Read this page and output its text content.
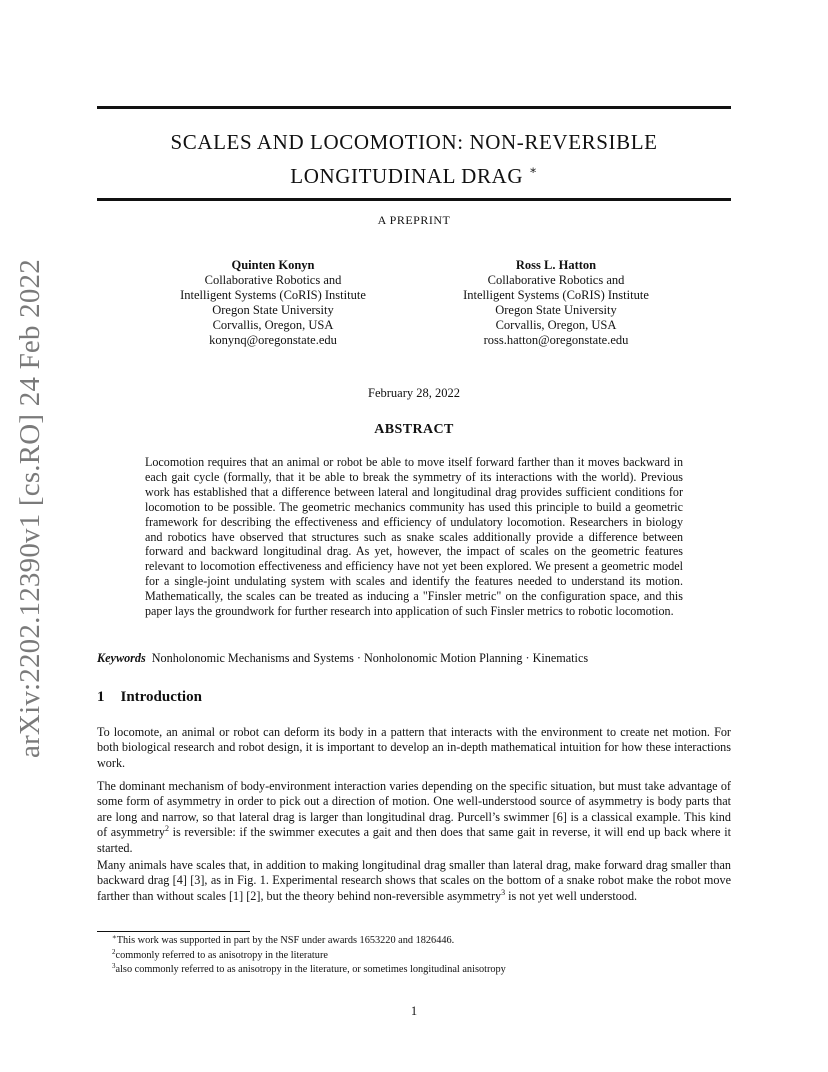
arXiv:2202.12390v1 [cs.RO] 24 Feb 2022
SCALES AND LOCOMOTION: NON-REVERSIBLE
LONGITUDINAL DRAG ∗
A PREPRINT
Quinten Konyn
Collaborative Robotics and
Intelligent Systems (CoRIS) Institute
Oregon State University
Corvallis, Oregon, USA
konynq@oregonstate.edu
Ross L. Hatton
Collaborative Robotics and
Intelligent Systems (CoRIS) Institute
Oregon State University
Corvallis, Oregon, USA
ross.hatton@oregonstate.edu
February 28, 2022
ABSTRACT
Locomotion requires that an animal or robot be able to move itself forward farther than it moves backward in each gait cycle (formally, that it be able to break the symmetry of its interactions with the world). Previous work has established that a difference between lateral and longitudinal drag provides sufficient conditions for locomotion to be possible. The geometric mechanics community has used this principle to build a geometric framework for describing the effectiveness and efficiency of undulatory locomotion. Researchers in biology and robotics have observed that structures such as snake scales additionally provide a difference between forward and backward longitudinal drag. As yet, however, the impact of scales on the geometric features relevant to locomotion effectiveness and efficiency have not yet been explored. We present a geometric model for a single-joint undulating system with scales and identify the features needed to understand its motion. Mathematically, the scales can be treated as inducing a "Finsler metric" on the configuration space, and this paper lays the groundwork for further research into application of such Finsler metrics to robotic locomotion.
Keywords Nonholonomic Mechanisms and Systems · Nonholonomic Motion Planning · Kinematics
1 Introduction
To locomote, an animal or robot can deform its body in a pattern that interacts with the environment to create net motion. For both biological research and robot design, it is important to develop an in-depth mathematical intuition for how these interactions work.
The dominant mechanism of body-environment interaction varies depending on the specific situation, but must take advantage of some form of asymmetry in order to pick out a direction of motion. One well-understood source of asymmetry is body parts that are long and narrow, so that lateral drag is larger than longitudinal drag. Purcell’s swimmer [6] is a classical example. This kind of asymmetry$^2$ is reversible: if the swimmer executes a gait and then does that same gait in reverse, it will end up back where it started.
Many animals have scales that, in addition to making longitudinal drag smaller than lateral drag, make forward drag smaller than backward drag [4] [3], as in Fig. 1. Experimental research shows that scales on the bottom of a snake robot make the robot move farther than without scales [1] [2], but the theory behind non-reversible asymmetry$^3$ is not yet well understood.
∗This work was supported in part by the NSF under awards 1653220 and 1826446.
$^2$commonly referred to as anisotropy in the literature
$^3$also commonly referred to as anisotropy in the literature, or sometimes longitudinal anisotropy
1
